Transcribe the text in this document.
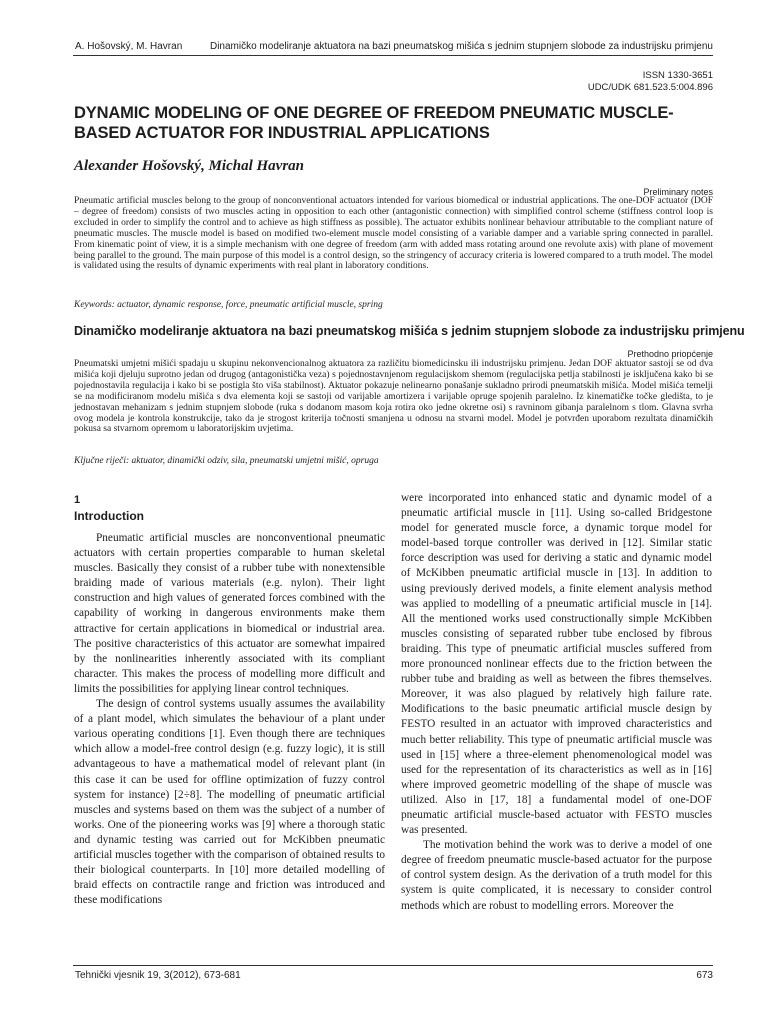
A. Hošovský, M. Havran	Dinamičko modeliranje aktuatora na bazi pneumatskog mišića s jednim stupnjem slobode za industrijsku primjenu
ISSN 1330-3651
UDC/UDK 681.523.5:004.896
DYNAMIC MODELING OF ONE DEGREE OF FREEDOM PNEUMATIC MUSCLE-BASED ACTUATOR FOR INDUSTRIAL APPLICATIONS
Alexander Hošovský, Michal Havran
Preliminary notes

Pneumatic artificial muscles belong to the group of nonconventional actuators intended for various biomedical or industrial applications. The one-DOF actuator (DOF – degree of freedom) consists of two muscles acting in opposition to each other (antagonistic connection) with simplified control scheme (stiffness control loop is excluded in order to simplify the control and to achieve as high stiffness as possible). The actuator exhibits nonlinear behaviour attributable to the compliant nature of pneumatic muscles. The muscle model is based on modified two-element muscle model consisting of a variable damper and a variable spring connected in parallel. From kinematic point of view, it is a simple mechanism with one degree of freedom (arm with added mass rotating around one revolute axis) with plane of movement being parallel to the ground. The main purpose of this model is a control design, so the stringency of accuracy criteria is lowered compared to a truth model. The model is validated using the results of dynamic experiments with real plant in laboratory conditions.

Keywords: actuator, dynamic response, force, pneumatic artificial muscle, spring

Dinamičko modeliranje aktuatora na bazi pneumatskog mišića s jednim stupnjem slobode za industrijsku primjenu
Prethodno priopćenje

Pneumatski umjetni mišići spadaju u skupinu nekonvencionalnog aktuatora za različitu biomedicinsku ili industrijsku primjenu. Jedan DOF aktuator sastoji se od dva mišića koji djeluju suprotno jedan od drugog (antagonistička veza) s pojednostavnjenom regulacijskom shemom (regulacijska petlja stabilnosti je isključena kako bi se pojednostavila regulacija i kako bi se postigla što viša stabilnost). Aktuator pokazuje nelinearno ponašanje sukladno prirodi pneumatskih mišića. Model mišića temelji se na modificiranom modelu mišića s dva elementa koji se sastoji od varijable amortizera i varijable opruge spojenih paralelno. Iz kinematičke točke gledišta, to je jednostavan mehanizam s jednim stupnjem slobode (ruka s dodanom masom koja rotira oko jedne okretne osi) s ravninom gibanja paralelnom s tlom. Glavna svrha ovog modela je kontrola konstrukcije, tako da je strogost kriterija točnosti smanjena u odnosu na stvarni model. Model je potvrđen uporabom rezultata dinamičkih pokusa sa stvarnom opremom u laboratorijskim uvjetima.

Ključne riječi: aktuator, dinamički odziv, sila, pneumatski umjetni mišić, opruga

1
Introduction

Pneumatic artificial muscles are nonconventional pneumatic actuators with certain properties comparable to human skeletal muscles. Basically they consist of a rubber tube with nonextensible braiding made of various materials (e.g. nylon). Their light construction and high values of generated forces combined with the capability of working in dangerous environments make them attractive for certain applications in biomedical or industrial area. The positive characteristics of this actuator are somewhat impaired by the nonlinearities inherently associated with its compliant character. This makes the process of modelling more difficult and limits the possibilities for applying linear control techniques.

The design of control systems usually assumes the availability of a plant model, which simulates the behaviour of a plant under various operating conditions [1]. Even though there are techniques which allow a model-free control design (e.g. fuzzy logic), it is still advantageous to have a mathematical model of relevant plant (in this case it can be used for offline optimization of fuzzy control system for instance) [2÷8]. The modelling of pneumatic artificial muscles and systems based on them was the subject of a number of works. One of the pioneering works was [9] where a thorough static and dynamic testing was carried out for McKibben pneumatic artificial muscles together with the comparison of obtained results to their biological counterparts. In [10] more detailed modelling of braid effects on contractile range and friction was introduced and these modifications

were incorporated into enhanced static and dynamic model of a pneumatic artificial muscle in [11]. Using so-called Bridgestone model for generated muscle force, a dynamic torque model for model-based torque controller was derived in [12]. Similar static force description was used for deriving a static and dynamic model of McKibben pneumatic artificial muscle in [13]. In addition to using previously derived models, a finite element analysis method was applied to modelling of a pneumatic artificial muscle in [14]. All the mentioned works used constructionally simple McKibben muscles consisting of separated rubber tube enclosed by fibrous braiding. This type of pneumatic artificial muscles suffered from more pronounced nonlinear effects due to the friction between the rubber tube and braiding as well as between the fibres themselves. Moreover, it was also plagued by relatively high failure rate. Modifications to the basic pneumatic artificial muscle design by FESTO resulted in an actuator with improved characteristics and much better reliability. This type of pneumatic artificial muscle was used in [15] where a three-element phenomenological model was used for the representation of its characteristics as well as in [16] where improved geometric modelling of the shape of muscle was utilized. Also in [17, 18] a fundamental model of one-DOF pneumatic artificial muscle-based actuator with FESTO muscles was presented.

The motivation behind the work was to derive a model of one degree of freedom pneumatic muscle-based actuator for the purpose of control system design. As the derivation of a truth model for this system is quite complicated, it is necessary to consider control methods which are robust to modelling errors. Moreover the

Tehnički vjesnik 19, 3(2012), 673-681	673
